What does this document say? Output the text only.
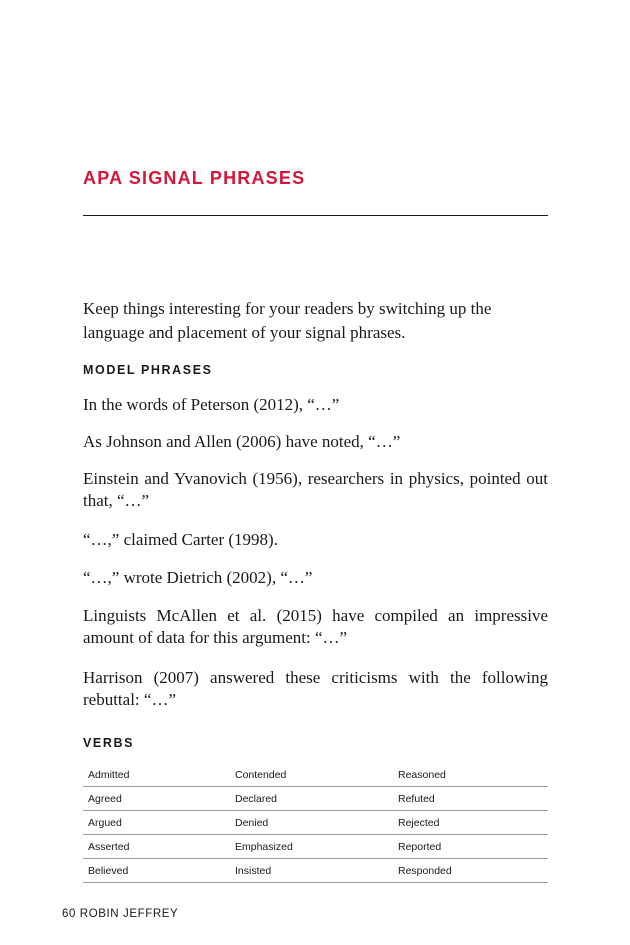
APA SIGNAL PHRASES

Keep things interesting for your readers by switching up the language and placement of your signal phrases.

MODEL PHRASES

In the words of Peterson (2012), “…”

As Johnson and Allen (2006) have noted, “…”

Einstein and Yvanovich (1956), researchers in physics, pointed out that, “…”

“…,” claimed Carter (1998).

“…,” wrote Dietrich (2002), “…”

Linguists McAllen et al. (2015) have compiled an impressive amount of data for this argument: “…”

Harrison (2007) answered these criticisms with the following rebuttal: “…”

VERBS
Admitted	Contended	Reasoned
Agreed	Declared	Refuted
Argued	Denied	Rejected
Asserted	Emphasized	Reported
Believed	Insisted	Responded
60 ROBIN JEFFREY
